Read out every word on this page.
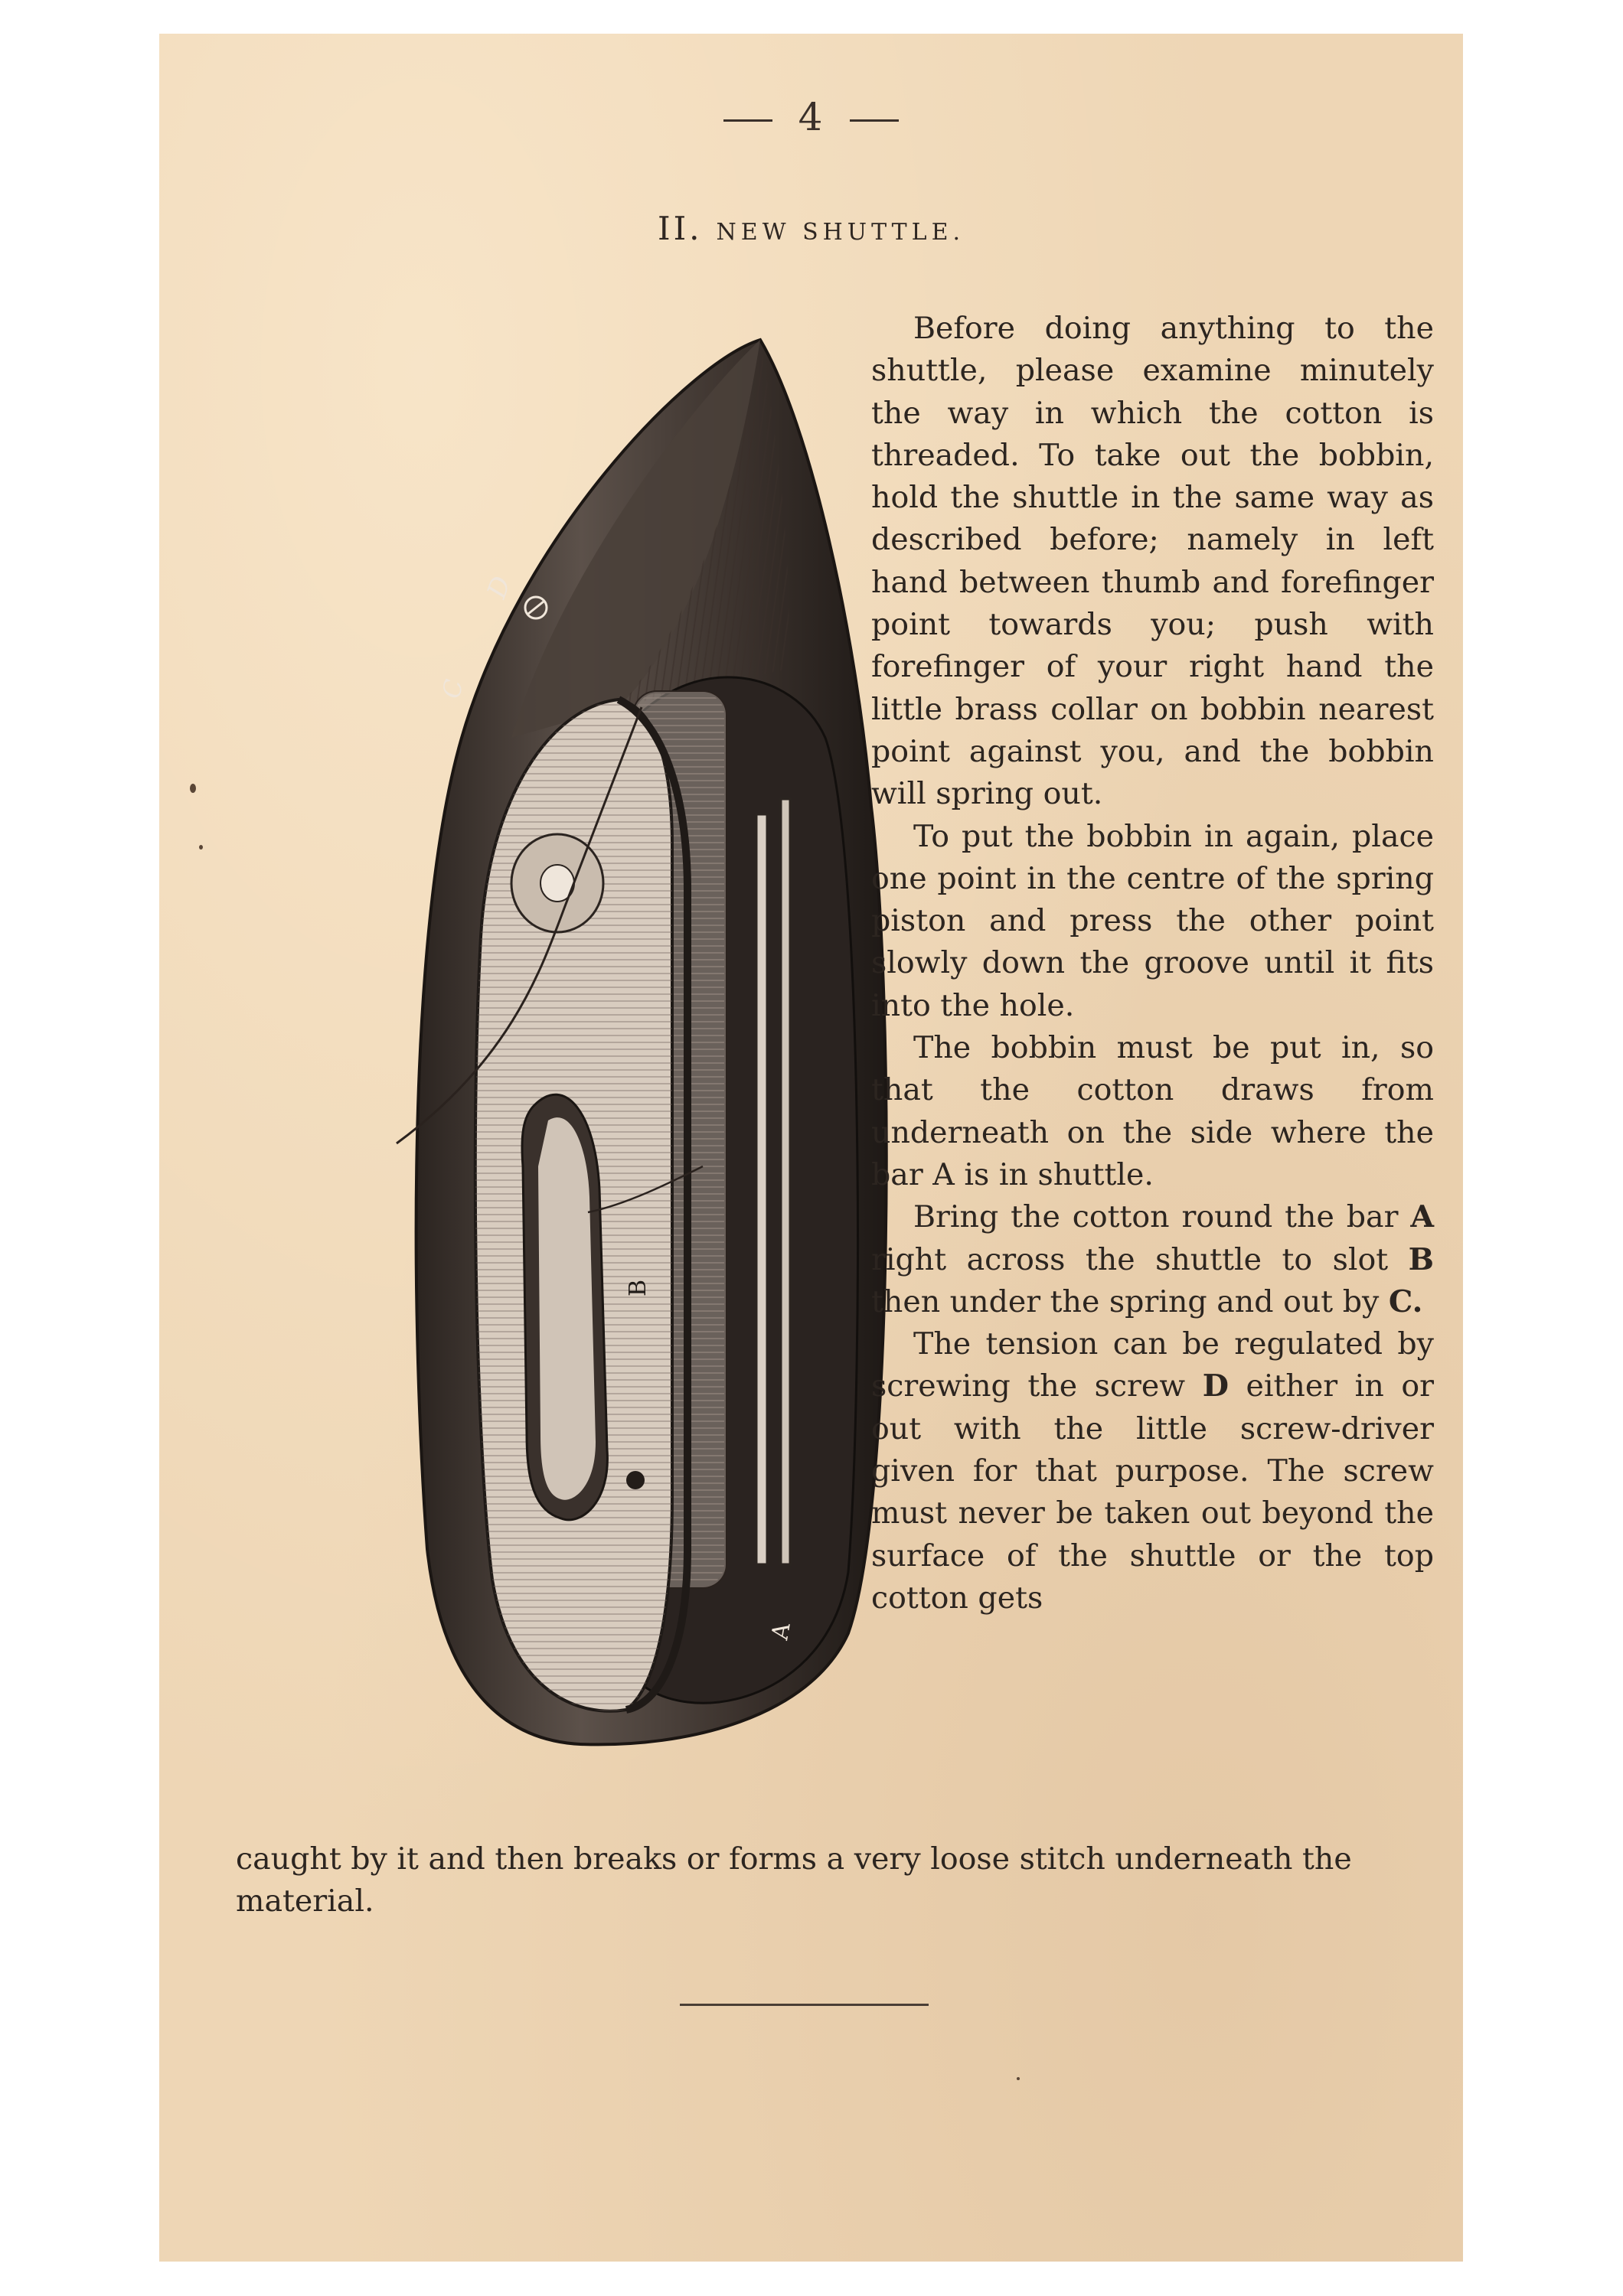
4
II. NEW SHUTTLE.
D
C
B
A

Before doing anything to the shuttle, please examine minutely the way in which the cotton is threaded. To take out the bobbin, hold the shuttle in the same way as described before; namely in left hand between thumb and forefinger point towards you; push with forefinger of your right hand the little brass collar on bobbin nearest point against you, and the bobbin will spring out.

To put the bobbin in again, place one point in the centre of the spring piston and press the other point slowly down the groove until it fits into the hole.

The bobbin must be put in, so that the cotton draws from underneath on the side where the bar A is in shuttle.

Bring the cotton round the bar A right across the shuttle to slot B then under the spring and out by C.

The tension can be regulated by screwing the screw D either in or out with the little screw-driver given for that purpose. The screw must never be taken out beyond the surface of the shuttle or the top cotton gets

caught by it and then breaks or forms a very loose stitch underneath the material.
